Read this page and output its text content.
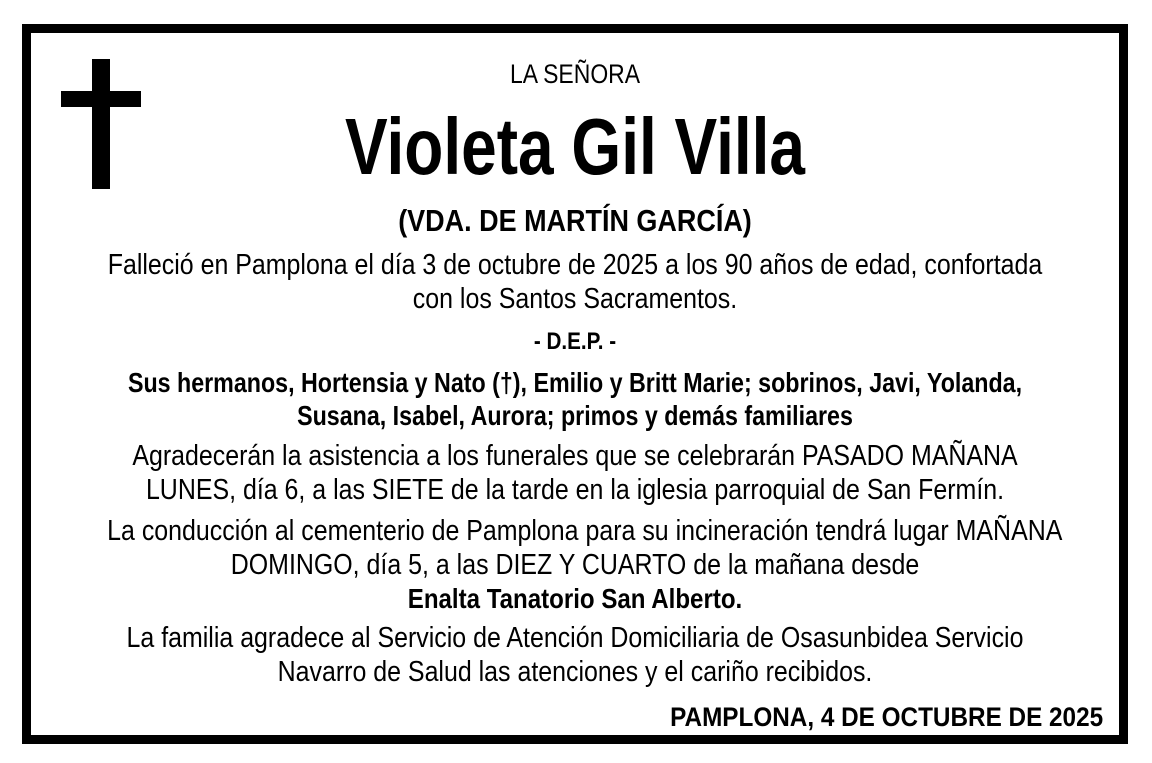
LA SEÑORA
Violeta Gil Villa
(VDA. DE MARTÍN GARCÍA)
Falleció en Pamplona el día 3 de octubre de 2025 a los 90 años de edad, confortada
con los Santos Sacramentos.
- D.E.P. -
Sus hermanos, Hortensia y Nato (†), Emilio y Britt Marie; sobrinos, Javi, Yolanda,
Susana, Isabel, Aurora; primos y demás familiares
Agradecerán la asistencia a los funerales que se celebrarán PASADO MAÑANA
LUNES, día 6, a las SIETE de la tarde en la iglesia parroquial de San Fermín.
La conducción al cementerio de Pamplona para su incineración tendrá lugar MAÑANA
DOMINGO, día 5, a las DIEZ Y CUARTO de la mañana desde
Enalta Tanatorio San Alberto.
La familia agradece al Servicio de Atención Domiciliaria de Osasunbidea Servicio
Navarro de Salud las atenciones y el cariño recibidos.
PAMPLONA, 4 DE OCTUBRE DE 2025
